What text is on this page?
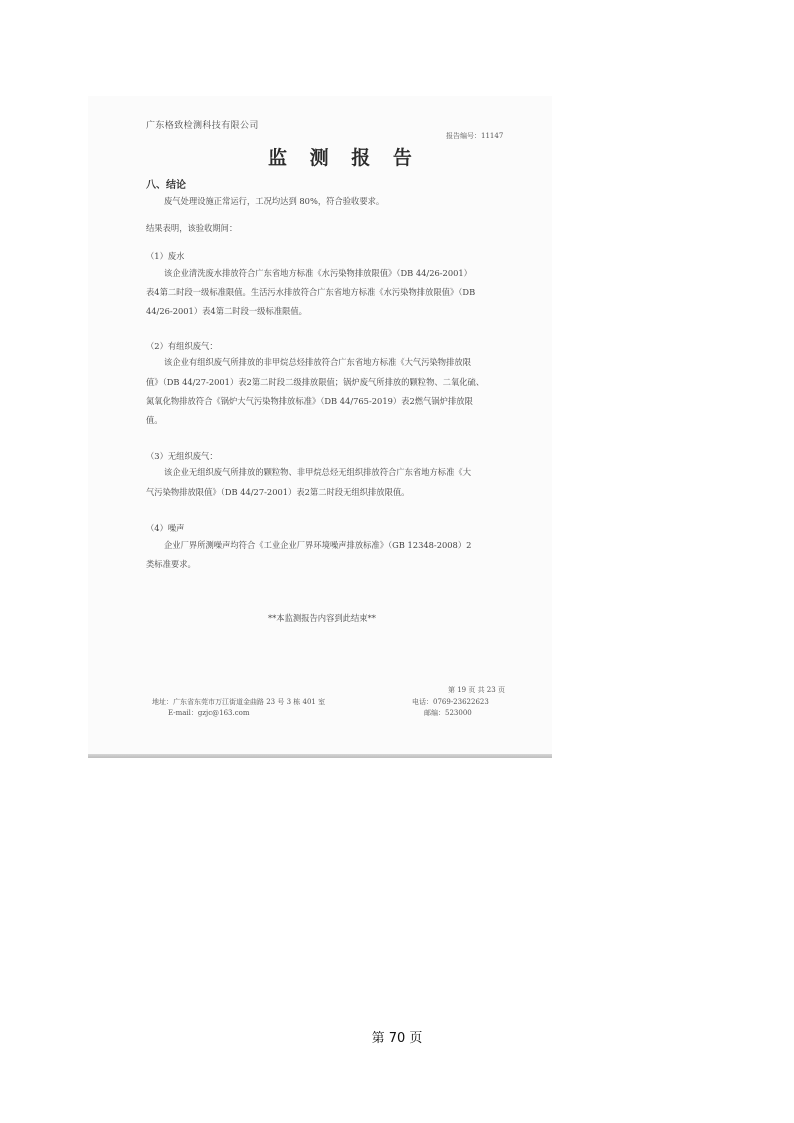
广东格致检测科技有限公司
报告编号：11147
监 测 报 告
八、结论
废气处理设施正常运行，工况均达到 80%，符合验收要求。
结果表明，该验收期间：
（1）废水
该企业清洗废水排放符合广东省地方标准《水污染物排放限值》（DB 44/26-2001）
表4第二时段一级标准限值。生活污水排放符合广东省地方标准《水污染物排放限值》（DB
44/26-2001）表4第二时段一级标准限值。
（2）有组织废气：
该企业有组织废气所排放的非甲烷总烃排放符合广东省地方标准《大气污染物排放限
值》（DB 44/27-2001）表2第二时段二级排放限值；锅炉废气所排放的颗粒物、二氧化硫、
氮氧化物排放符合《锅炉大气污染物排放标准》（DB 44/765-2019）表2燃气锅炉排放限
值。
（3）无组织废气：
该企业无组织废气所排放的颗粒物、非甲烷总烃无组织排放符合广东省地方标准《大
气污染物排放限值》（DB 44/27-2001）表2第二时段无组织排放限值。
（4）噪声
企业厂界所测噪声均符合《工业企业厂界环境噪声排放标准》（GB 12348-2008）2
类标准要求。
**本监测报告内容到此结束**
第 19 页 共 23 页
地址：广东省东莞市万江街道金曲路 23 号 3 栋 401 室
E-mail：gzjc@163.com
电话：0769-23622623
邮编：523000
第 70 页
